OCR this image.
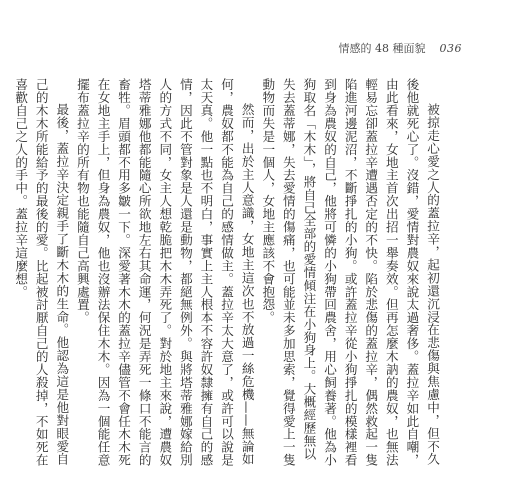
情感的 48 種面貌 036

被掠走心愛之人的蓋拉辛，起初還沉浸在悲傷與焦慮中，但不久後他就死心了。沒錯，愛情對農奴來說太過奢侈。蓋拉辛如此自嘲，由此看來，女地主首次出招一舉奏效。但再怎麼木訥的農奴，也無法輕易忘卻蓋拉辛遭遇否定的不快。陷於悲傷的蓋拉辛，偶然救起一隻陷進河邊泥沼，不斷掙扎的小狗。或許蓋拉辛從小狗掙扎的模樣裡看到身為農奴的自己，他將可憐的小狗帶回農舍，用心飼養著。他為小狗取名「木木」，將自己全部的愛情傾注在小狗身上。大概經歷無以失去蓋蒂娜，失去愛情的傷痛，也可能並未多加思索，覺得愛上一隻動物而失是一個人，女地主應該不會抱怨。

然而，出於主人意識，女地主這次也不放過一絲危機——無論如何，農奴都不能為自己的感情做主。蓋拉辛太大意了，或許可以說是太天真。他一點也不明白，事實上主人根本不容許奴隸擁有自己的感情，因此不管對象是人還是動物，都絕無例外。與將塔蒂雅娜嫁給別人的方式不同，女主人想乾脆把木木弄死了。對於地主來說，遭農奴塔蒂雅娜他都能隨心所欲地左右其命運，何況是弄死一條口不能言的畜牲。眉頭都不用多皺一下。深愛著木木的蓋拉辛儘管不會任木木死在女地主手上，但身為農奴，他也沒辦法保住木木。因為一個能任意擺布蓋拉辛的所有物也能隨自己高興處置。

最後，蓋拉辛決定親手了斷木木的生命。他認為這是他對眼愛自己的木木所能給予的最後的愛。比起被討厭自己的人殺掉，不如死在喜歡自己之人的手中。蓋拉辛這麼想。
